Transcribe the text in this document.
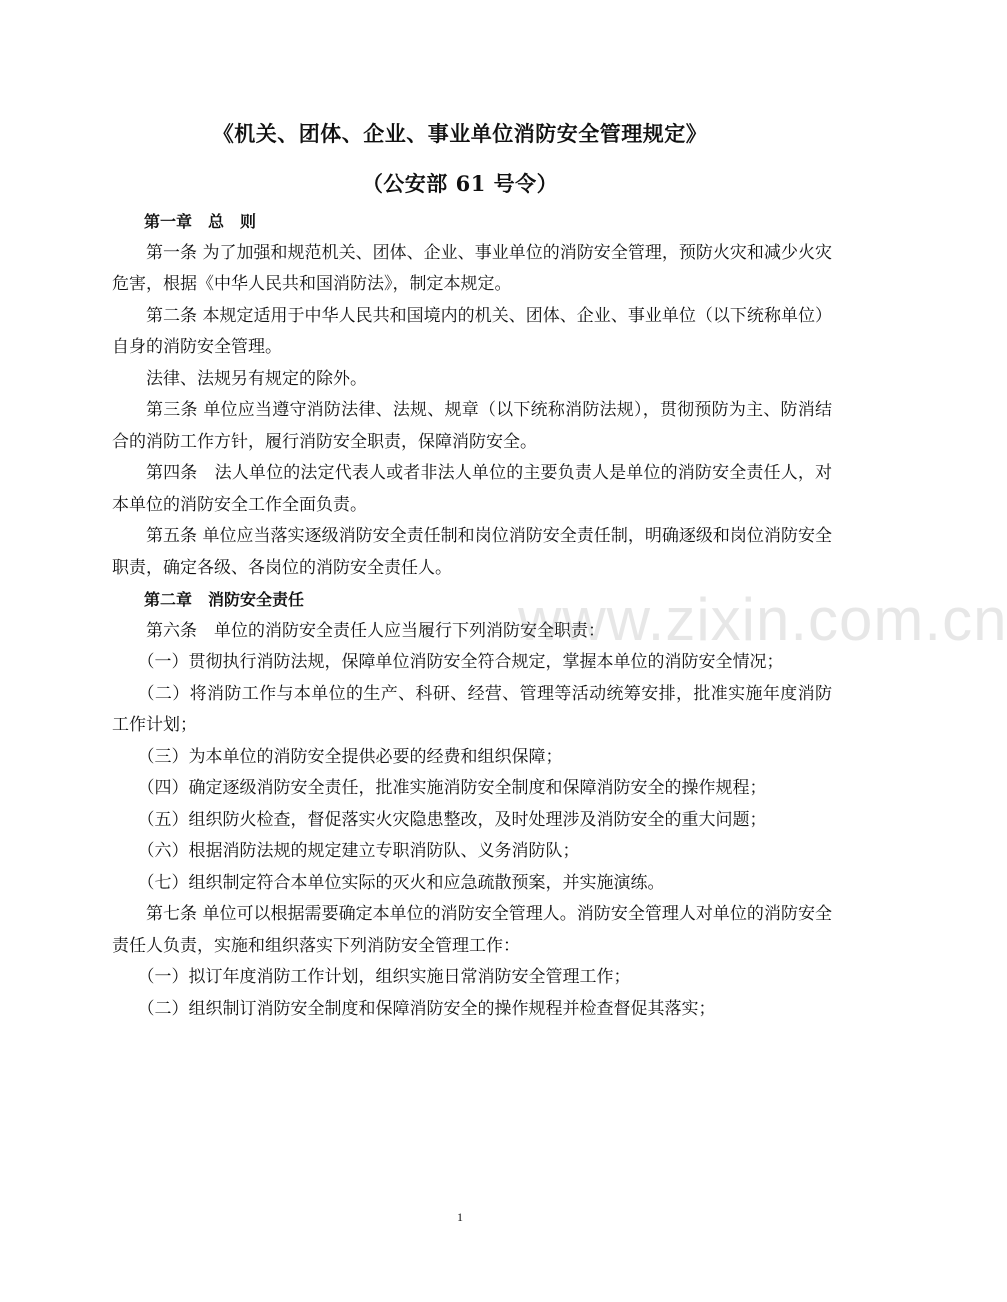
《机关、团体、企业、事业单位消防安全管理规定》
（公安部 61 号令）

第一章　总　则

第一条 为了加强和规范机关、团体、企业、事业单位的消防安全管理，预防火灾和减少火灾危害，根据《中华人民共和国消防法》，制定本规定。

第二条 本规定适用于中华人民共和国境内的机关、团体、企业、事业单位（以下统称单位）自身的消防安全管理。

法律、法规另有规定的除外。

第三条 单位应当遵守消防法律、法规、规章（以下统称消防法规），贯彻预防为主、防消结合的消防工作方针，履行消防安全职责，保障消防安全。

第四条　法人单位的法定代表人或者非法人单位的主要负责人是单位的消防安全责任人，对本单位的消防安全工作全面负责。

第五条 单位应当落实逐级消防安全责任制和岗位消防安全责任制，明确逐级和岗位消防安全职责，确定各级、各岗位的消防安全责任人。

第二章　消防安全责任

第六条　单位的消防安全责任人应当履行下列消防安全职责：

（一）贯彻执行消防法规，保障单位消防安全符合规定，掌握本单位的消防安全情况；

（二）将消防工作与本单位的生产、科研、经营、管理等活动统筹安排，批准实施年度消防工作计划；

（三）为本单位的消防安全提供必要的经费和组织保障；

（四）确定逐级消防安全责任，批准实施消防安全制度和保障消防安全的操作规程；

（五）组织防火检查，督促落实火灾隐患整改，及时处理涉及消防安全的重大问题；

（六）根据消防法规的规定建立专职消防队、义务消防队；

（七）组织制定符合本单位实际的灭火和应急疏散预案，并实施演练。

第七条 单位可以根据需要确定本单位的消防安全管理人。消防安全管理人对单位的消防安全责任人负责，实施和组织落实下列消防安全管理工作：

（一）拟订年度消防工作计划，组织实施日常消防安全管理工作；

（二）组织制订消防安全制度和保障消防安全的操作规程并检查督促其落实；

www.zixin.com.cn
1
